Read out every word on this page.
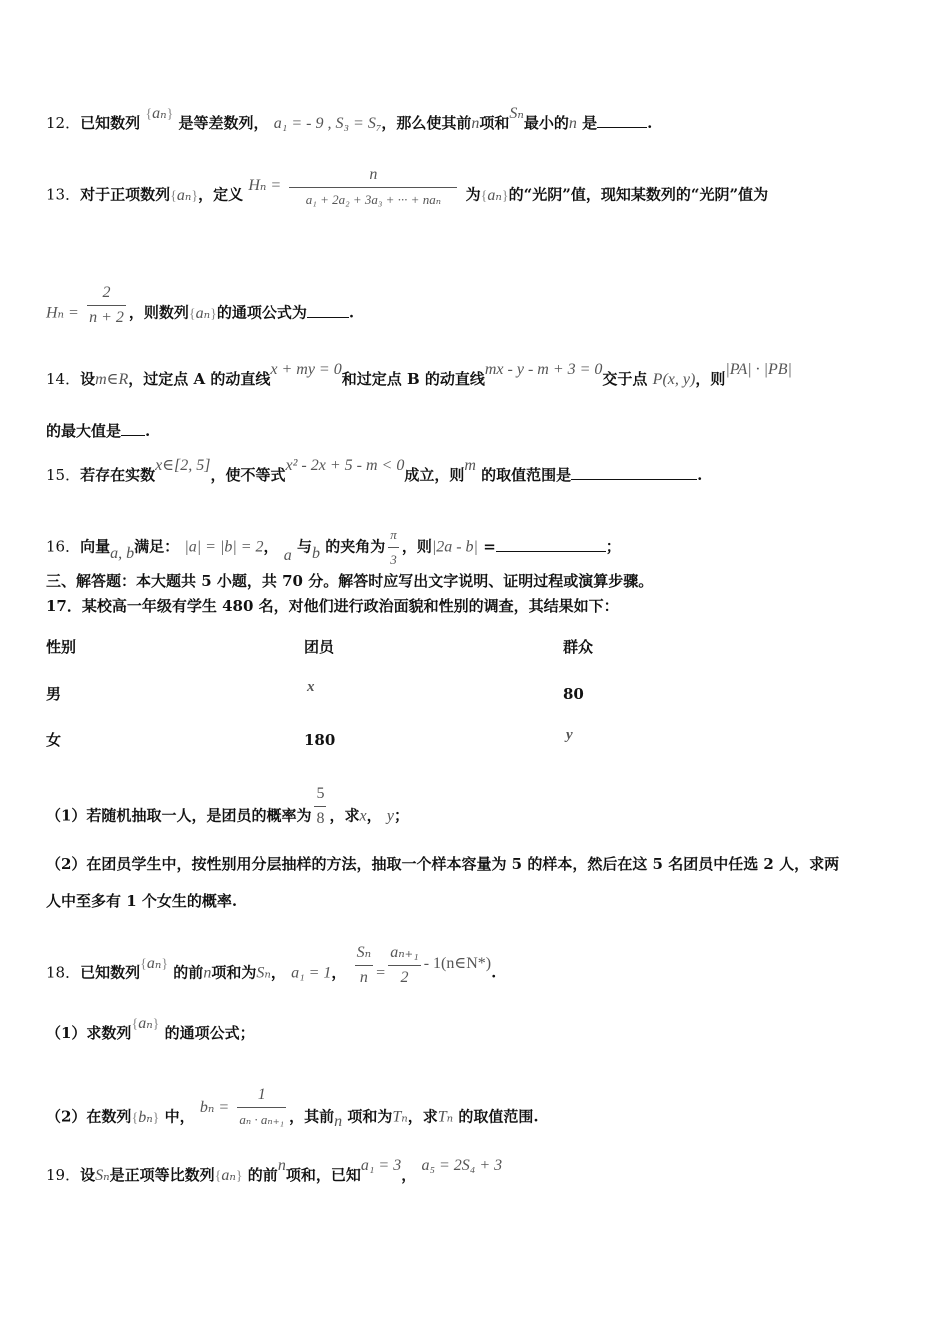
12．已知数列 {aₙ} 是等差数列， a₁ = - 9 , S₃ = S₇，那么使其前n项和Sₙ最小的n 是	.
13．对于正项数列{aₙ}，定义 $H_n = \frac{n}{\text{a₁ + 2a₂ + 3a₃ + ··· + naₙ}}$ 为{aₙ}的“光阴”值，现知某数列的“光阴”值为
$H_n = \frac{2}{n + 2}$ ，则数列{aₙ}的通项公式为	.
14．设m∈R，过定点 A 的动直线x + my = 0和过定点 B 的动直线mx - y - m + 3 = 0交于点 P(x, y)，则|PA| · |PB|
的最大值是 .
15．若存在实数x∈[2, 5]，使不等式x² - 2x + 5 - m < 0成立，则m 的取值范围是	.
16．向量a, b满足： |a| = |b| = 2， a 与b 的夹角为 $\frac{\pi}{3}$ ，则|2a - b| =	；
三、解答题：本大题共 5 小题，共 70 分。解答时应写出文字说明、证明过程或演算步骤。
17．某校高一年级有学生 480 名，对他们进行政治面貌和性别的调查，其结果如下：
性别	团员	群众
男	x	80
女	180	y
（1）若随机抽取一人，是团员的概率为 $\frac{5}{8}$ ，求x， y；
（2）在团员学生中，按性别用分层抽样的方法，抽取一个样本容量为 5 的样本，然后在这 5 名团员中任选 2 人，求两
人中至多有 1 个女生的概率.
18．已知数列{aₙ} 的前n项和为Sₙ， a₁ = 1， $\frac{\text{Sₙ}}{n} = \frac{\text{aₙ₊₁}}{2}$ - 1(n∈N*).
（1）求数列{aₙ} 的通项公式；
（2）在数列{bₙ} 中， $b_n = \frac{1}{\text{aₙ · aₙ₊₁}}$ ，其前n 项和为Tₙ，求Tₙ 的取值范围.
19．设Sₙ是正项等比数列{aₙ} 的前n项和，已知a₁ = 3， a₅ = 2S₄ + 3
